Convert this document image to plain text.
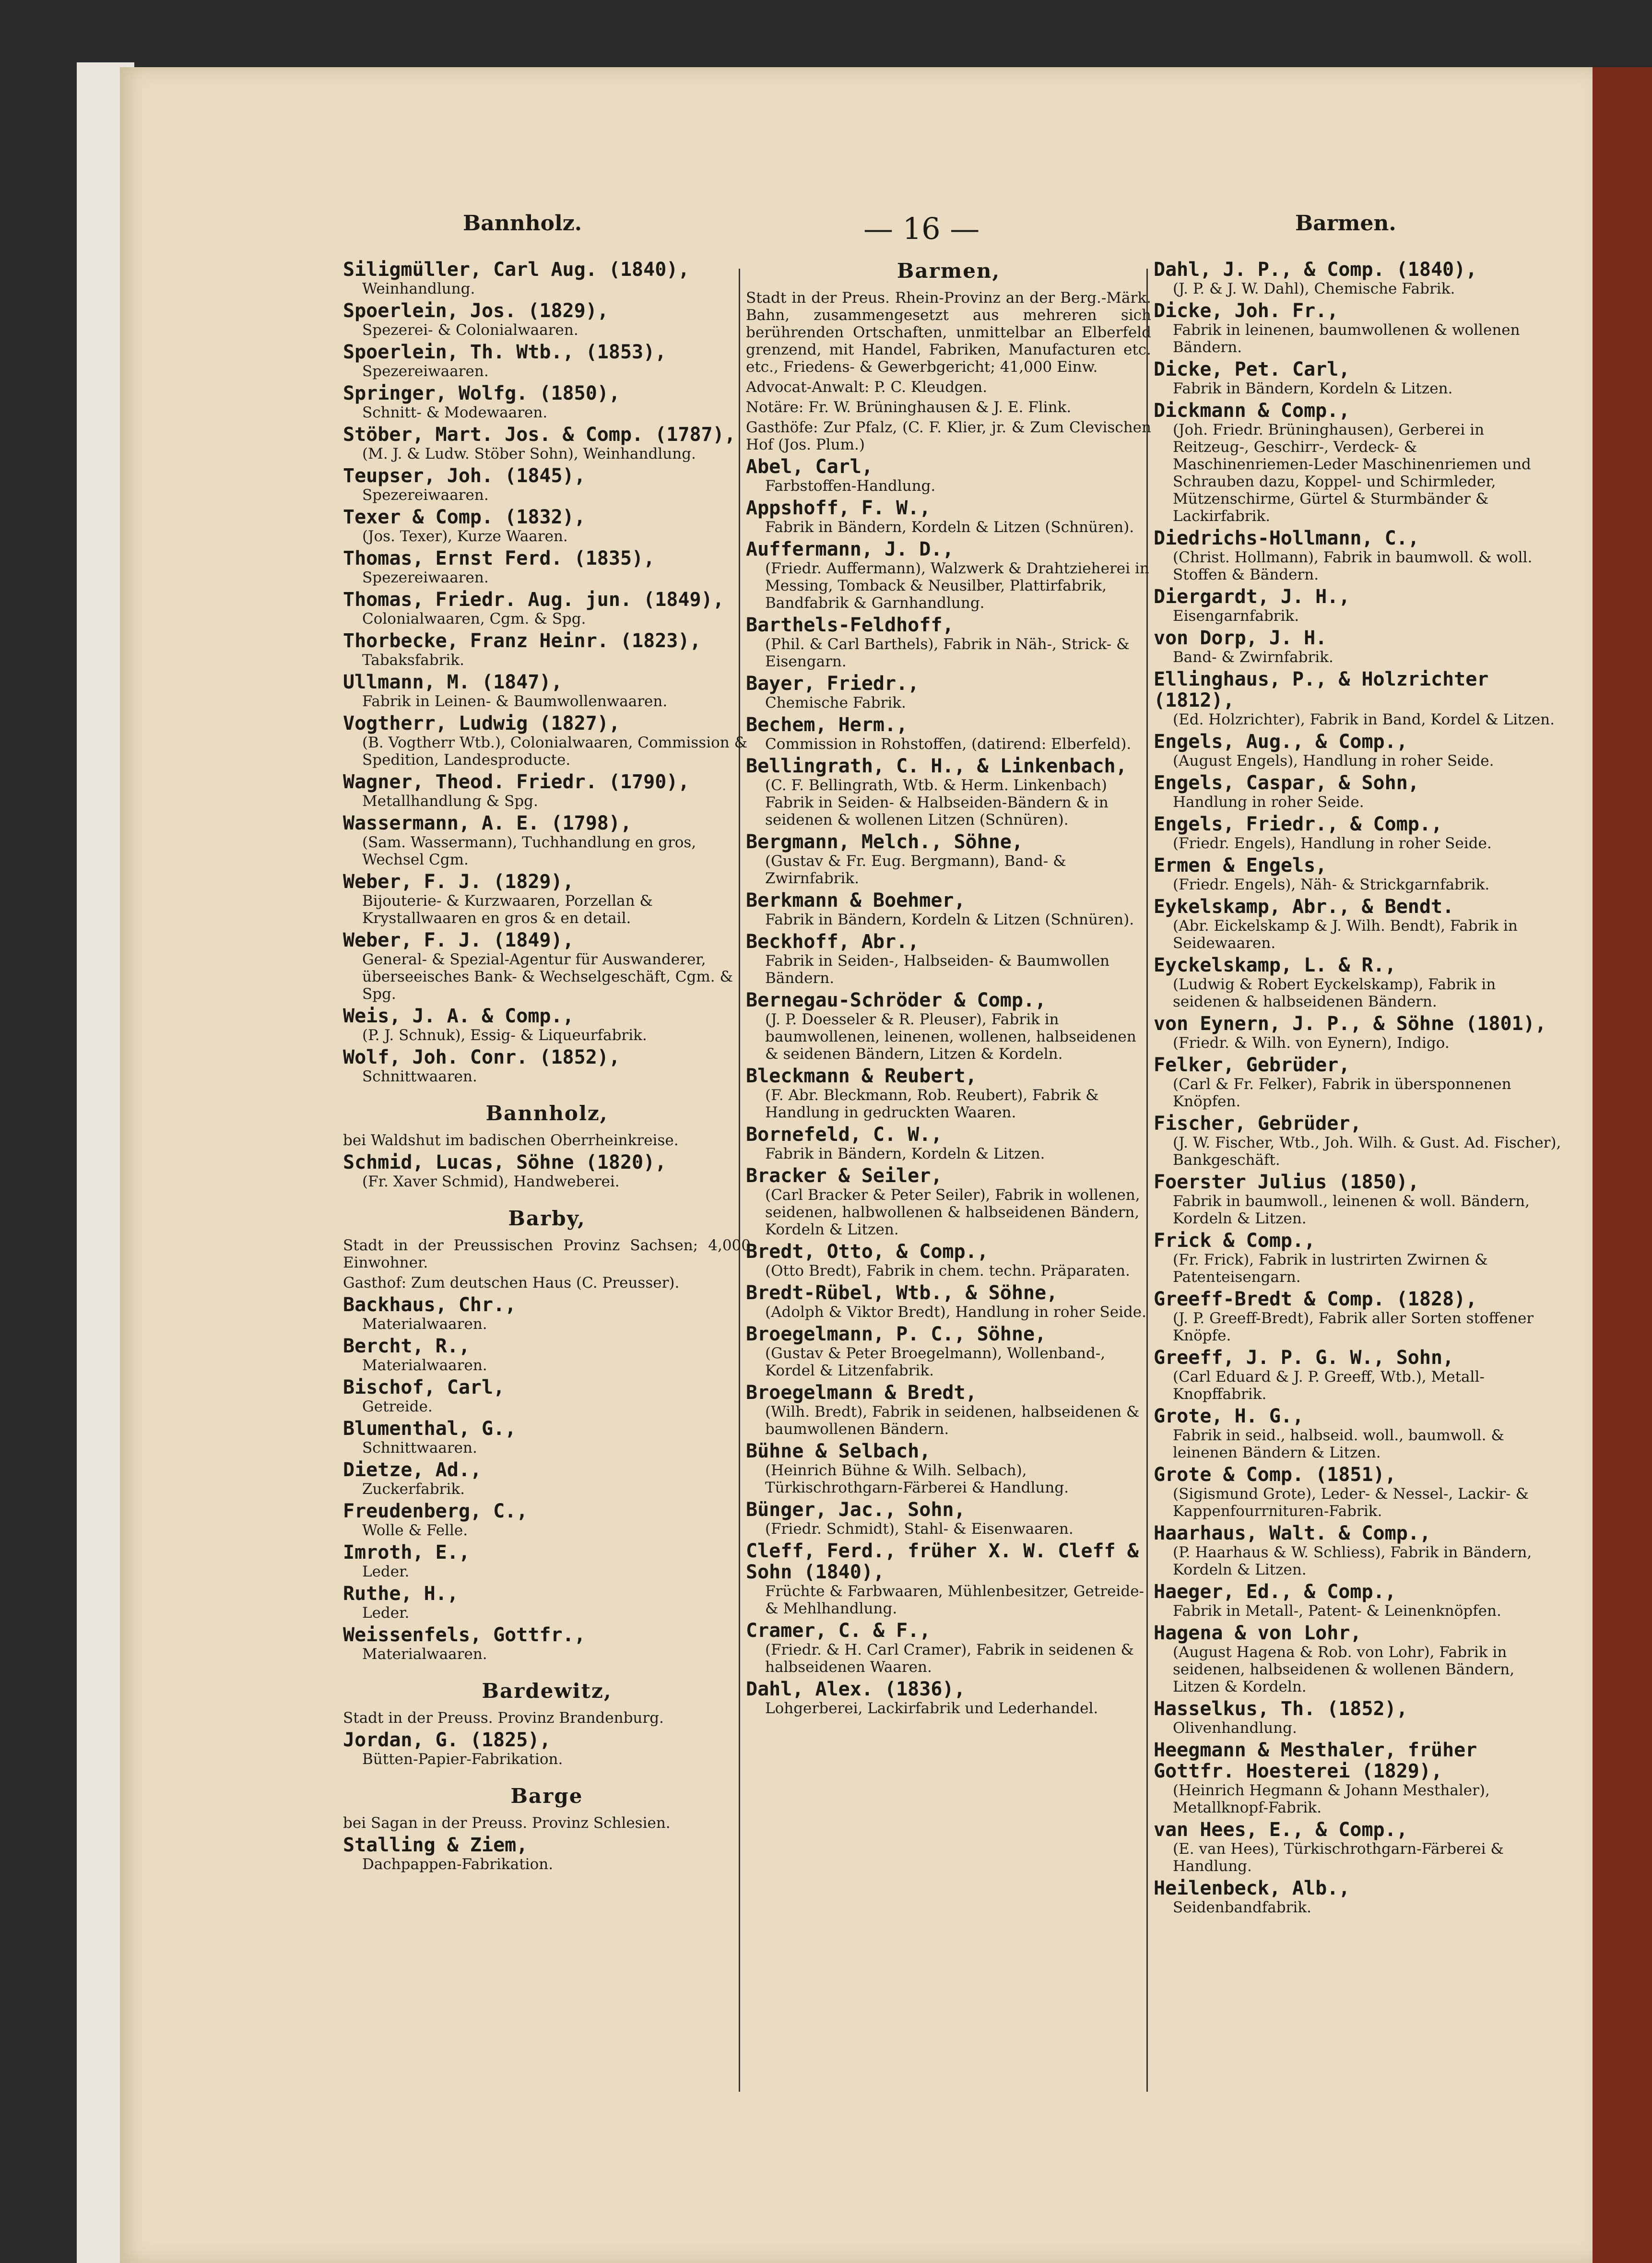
Bannholz.	— 16 —	Barmen.
Siligmüller, Carl Aug. (1840),
Weinhandlung.
Spoerlein, Jos. (1829),
Spezerei- & Colonialwaaren.
Spoerlein, Th. Wtb., (1853),
Spezereiwaaren.
Springer, Wolfg. (1850),
Schnitt- & Modewaaren.
Stöber, Mart. Jos. & Comp. (1787),
(M. J. & Ludw. Stöber Sohn), Weinhandlung.
Teupser, Joh. (1845),
Spezereiwaaren.
Texer & Comp. (1832),
(Jos. Texer), Kurze Waaren.
Thomas, Ernst Ferd. (1835),
Spezereiwaaren.
Thomas, Friedr. Aug. jun. (1849),
Colonialwaaren, Cgm. & Spg.
Thorbecke, Franz Heinr. (1823),
Tabaksfabrik.
Ullmann, M. (1847),
Fabrik in Leinen- & Baumwollenwaaren.
Vogtherr, Ludwig (1827),
(B. Vogtherr Wtb.), Colonialwaaren, Commission & Spedition, Landesproducte.
Wagner, Theod. Friedr. (1790),
Metallhandlung & Spg.
Wassermann, A. E. (1798),
(Sam. Wassermann), Tuchhandlung en gros, Wechsel Cgm.
Weber, F. J. (1829),
Bijouterie- & Kurzwaaren, Porzellan & Krystallwaaren en gros & en detail.
Weber, F. J. (1849),
General- & Spezial-Agentur für Auswanderer, überseeisches Bank- & Wechselgeschäft, Cgm. & Spg.
Weis, J. A. & Comp.,
(P. J. Schnuk), Essig- & Liqueurfabrik.
Wolf, Joh. Conr. (1852),
Schnittwaaren.
Bannholz,
bei Waldshut im badischen Oberrheinkreise.
Schmid, Lucas, Söhne (1820),
(Fr. Xaver Schmid), Handweberei.
Barby,
Stadt in der Preussischen Provinz Sachsen; 4,000 Einwohner.
Gasthof: Zum deutschen Haus (C. Preusser).
Backhaus, Chr.,
Materialwaaren.
Bercht, R.,
Materialwaaren.
Bischof, Carl,
Getreide.
Blumenthal, G.,
Schnittwaaren.
Dietze, Ad.,
Zuckerfabrik.
Freudenberg, C.,
Wolle & Felle.
Imroth, E.,
Leder.
Ruthe, H.,
Leder.
Weissenfels, Gottfr.,
Materialwaaren.
Bardewitz,
Stadt in der Preuss. Provinz Brandenburg.
Jordan, G. (1825),
Bütten-Papier-Fabrikation.
Barge
bei Sagan in der Preuss. Provinz Schlesien.
Stalling & Ziem,
Dachpappen-Fabrikation.
Barmen,
Stadt in der Preus. Rhein-Provinz an der Berg.-Märk. Bahn, zusammengesetzt aus mehreren sich berührenden Ortschaften, unmittelbar an Elberfeld grenzend, mit Handel, Fabriken, Manufacturen etc. etc., Friedens- & Gewerbgericht; 41,000 Einw.
Advocat-Anwalt: P. C. Kleudgen.
Notäre: Fr. W. Brüninghausen & J. E. Flink.
Gasthöfe: Zur Pfalz, (C. F. Klier, jr. & Zum Clevischen Hof (Jos. Plum.)
Abel, Carl,
Farbstoffen-Handlung.
Appshoff, F. W.,
Fabrik in Bändern, Kordeln & Litzen (Schnüren).
Auffermann, J. D.,
(Friedr. Auffermann), Walzwerk & Drahtzieherei in Messing, Tomback & Neusilber, Plattirfabrik, Bandfabrik & Garnhandlung.
Barthels-Feldhoff,
(Phil. & Carl Barthels), Fabrik in Näh-, Strick- & Eisengarn.
Bayer, Friedr.,
Chemische Fabrik.
Bechem, Herm.,
Commission in Rohstoffen, (datirend: Elberfeld).
Bellingrath, C. H., & Linkenbach,
(C. F. Bellingrath, Wtb. & Herm. Linkenbach) Fabrik in Seiden- & Halbseiden-Bändern & in seidenen & wollenen Litzen (Schnüren).
Bergmann, Melch., Söhne,
(Gustav & Fr. Eug. Bergmann), Band- & Zwirnfabrik.
Berkmann & Boehmer,
Fabrik in Bändern, Kordeln & Litzen (Schnüren).
Beckhoff, Abr.,
Fabrik in Seiden-, Halbseiden- & Baumwollen Bändern.
Bernegau-Schröder & Comp.,
(J. P. Doesseler & R. Pleuser), Fabrik in baumwollenen, leinenen, wollenen, halbseidenen & seidenen Bändern, Litzen & Kordeln.
Bleckmann & Reubert,
(F. Abr. Bleckmann, Rob. Reubert), Fabrik & Handlung in gedruckten Waaren.
Bornefeld, C. W.,
Fabrik in Bändern, Kordeln & Litzen.
Bracker & Seiler,
(Carl Bracker & Peter Seiler), Fabrik in wollenen, seidenen, halbwollenen & halbseidenen Bändern, Kordeln & Litzen.
Bredt, Otto, & Comp.,
(Otto Bredt), Fabrik in chem. techn. Präparaten.
Bredt-Rübel, Wtb., & Söhne,
(Adolph & Viktor Bredt), Handlung in roher Seide.
Broegelmann, P. C., Söhne,
(Gustav & Peter Broegelmann), Wollenband-, Kordel & Litzenfabrik.
Broegelmann & Bredt,
(Wilh. Bredt), Fabrik in seidenen, halbseidenen & baumwollenen Bändern.
Bühne & Selbach,
(Heinrich Bühne & Wilh. Selbach), Türkischrothgarn-Färberei & Handlung.
Bünger, Jac., Sohn,
(Friedr. Schmidt), Stahl- & Eisenwaaren.
Cleff, Ferd., früher X. W. Cleff & Sohn (1840),
Früchte & Farbwaaren, Mühlenbesitzer, Getreide- & Mehlhandlung.
Cramer, C. & F.,
(Friedr. & H. Carl Cramer), Fabrik in seidenen & halbseidenen Waaren.
Dahl, Alex. (1836),
Lohgerberei, Lackirfabrik und Lederhandel.
Dahl, J. P., & Comp. (1840),
(J. P. & J. W. Dahl), Chemische Fabrik.
Dicke, Joh. Fr.,
Fabrik in leinenen, baumwollenen & wollenen Bändern.
Dicke, Pet. Carl,
Fabrik in Bändern, Kordeln & Litzen.
Dickmann & Comp.,
(Joh. Friedr. Brüninghausen), Gerberei in Reitzeug-, Geschirr-, Verdeck- & Maschinenriemen-Leder Maschinenriemen und Schrauben dazu, Koppel- und Schirmleder, Mützenschirme, Gürtel & Sturmbänder & Lackirfabrik.
Diedrichs-Hollmann, C.,
(Christ. Hollmann), Fabrik in baumwoll. & woll. Stoffen & Bändern.
Diergardt, J. H.,
Eisengarnfabrik.
von Dorp, J. H.
Band- & Zwirnfabrik.
Ellinghaus, P., & Holzrichter (1812),
(Ed. Holzrichter), Fabrik in Band, Kordel & Litzen.
Engels, Aug., & Comp.,
(August Engels), Handlung in roher Seide.
Engels, Caspar, & Sohn,
Handlung in roher Seide.
Engels, Friedr., & Comp.,
(Friedr. Engels), Handlung in roher Seide.
Ermen & Engels,
(Friedr. Engels), Näh- & Strickgarnfabrik.
Eykelskamp, Abr., & Bendt.
(Abr. Eickelskamp & J. Wilh. Bendt), Fabrik in Seidewaaren.
Eyckelskamp, L. & R.,
(Ludwig & Robert Eyckelskamp), Fabrik in seidenen & halbseidenen Bändern.
von Eynern, J. P., & Söhne (1801),
(Friedr. & Wilh. von Eynern), Indigo.
Felker, Gebrüder,
(Carl & Fr. Felker), Fabrik in übersponnenen Knöpfen.
Fischer, Gebrüder,
(J. W. Fischer, Wtb., Joh. Wilh. & Gust. Ad. Fischer), Bankgeschäft.
Foerster Julius (1850),
Fabrik in baumwoll., leinenen & woll. Bändern, Kordeln & Litzen.
Frick & Comp.,
(Fr. Frick), Fabrik in lustrirten Zwirnen & Patenteisengarn.
Greeff-Bredt & Comp. (1828),
(J. P. Greeff-Bredt), Fabrik aller Sorten stoffener Knöpfe.
Greeff, J. P. G. W., Sohn,
(Carl Eduard & J. P. Greeff, Wtb.), Metall-Knopffabrik.
Grote, H. G.,
Fabrik in seid., halbseid. woll., baumwoll. & leinenen Bändern & Litzen.
Grote & Comp. (1851),
(Sigismund Grote), Leder- & Nessel-, Lackir- & Kappenfourrnituren-Fabrik.
Haarhaus, Walt. & Comp.,
(P. Haarhaus & W. Schliess), Fabrik in Bändern, Kordeln & Litzen.
Haeger, Ed., & Comp.,
Fabrik in Metall-, Patent- & Leinenknöpfen.
Hagena & von Lohr,
(August Hagena & Rob. von Lohr), Fabrik in seidenen, halbseidenen & wollenen Bändern, Litzen & Kordeln.
Hasselkus, Th. (1852),
Olivenhandlung.
Heegmann & Mesthaler, früher Gottfr. Hoesterei (1829),
(Heinrich Hegmann & Johann Mesthaler), Metallknopf-Fabrik.
van Hees, E., & Comp.,
(E. van Hees), Türkischrothgarn-Färberei & Handlung.
Heilenbeck, Alb.,
Seidenbandfabrik.
